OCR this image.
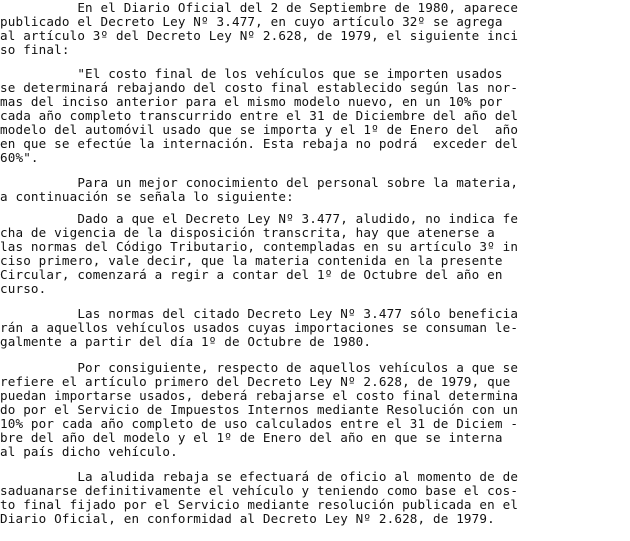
En el Diario Oficial del 2 de Septiembre de 1980, aparece
publicado el Decreto Ley Nº 3.477, en cuyo artículo 32º se agrega
al artículo 3º del Decreto Ley Nº 2.628, de 1979, el siguiente inci
so final:
"El costo final de los vehículos que se importen usados
se determinará rebajando del costo final establecido según las nor-
mas del inciso anterior para el mismo modelo nuevo, en un 10% por
cada año completo transcurrido entre el 31 de Diciembre del año del
modelo del automóvil usado que se importa y el 1º de Enero del  año
en que se efectúe la internación. Esta rebaja no podrá  exceder del
60%".
Para un mejor conocimiento del personal sobre la materia,
a continuación se señala lo siguiente:
Dado a que el Decreto Ley Nº 3.477, aludido, no indica fe
cha de vigencia de la disposición transcrita, hay que atenerse a
las normas del Código Tributario, contempladas en su artículo 3º in
ciso primero, vale decir, que la materia contenida en la presente
Circular, comenzará a regir a contar del 1º de Octubre del año en
curso.
Las normas del citado Decreto Ley Nº 3.477 sólo beneficia
rán a aquellos vehículos usados cuyas importaciones se consuman le-
galmente a partir del día 1º de Octubre de 1980.
Por consiguiente, respecto de aquellos vehículos a que se
refiere el artículo primero del Decreto Ley Nº 2.628, de 1979, que
puedan importarse usados, deberá rebajarse el costo final determina
do por el Servicio de Impuestos Internos mediante Resolución con un
10% por cada año completo de uso calculados entre el 31 de Diciem -
bre del año del modelo y el 1º de Enero del año en que se interna
al país dicho vehículo.
La aludida rebaja se efectuará de oficio al momento de de
saduanarse definitivamente el vehículo y teniendo como base el cos-
to final fijado por el Servicio mediante resolución publicada en el
Diario Oficial, en conformidad al Decreto Ley Nº 2.628, de 1979.
